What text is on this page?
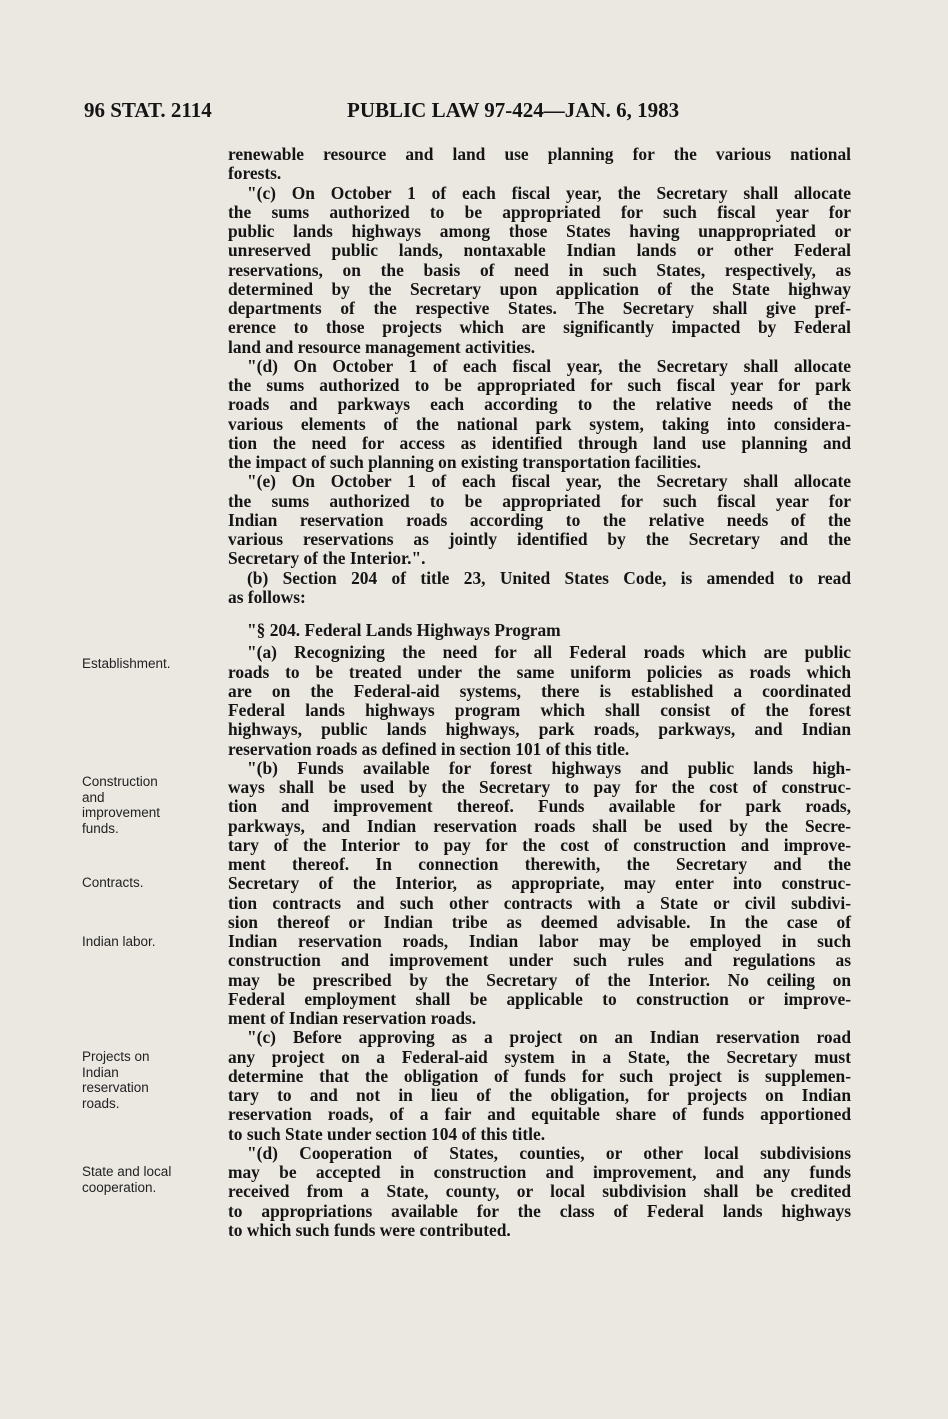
96 STAT. 2114	PUBLIC LAW 97-424—JAN. 6, 1983
renewable resource and land use planning for the various national
forests.
"(c) On October 1 of each fiscal year, the Secretary shall allocate
the sums authorized to be appropriated for such fiscal year for
public lands highways among those States having unappropriated or
unreserved public lands, nontaxable Indian lands or other Federal
reservations, on the basis of need in such States, respectively, as
determined by the Secretary upon application of the State highway
departments of the respective States. The Secretary shall give pref-
erence to those projects which are significantly impacted by Federal
land and resource management activities.
"(d) On October 1 of each fiscal year, the Secretary shall allocate
the sums authorized to be appropriated for such fiscal year for park
roads and parkways each according to the relative needs of the
various elements of the national park system, taking into considera-
tion the need for access as identified through land use planning and
the impact of such planning on existing transportation facilities.
"(e) On October 1 of each fiscal year, the Secretary shall allocate
the sums authorized to be appropriated for such fiscal year for
Indian reservation roads according to the relative needs of the
various reservations as jointly identified by the Secretary and the
Secretary of the Interior.".
(b) Section 204 of title 23, United States Code, is amended to read
as follows:
"§ 204. Federal Lands Highways Program
"(a) Recognizing the need for all Federal roads which are public
roads to be treated under the same uniform policies as roads which
are on the Federal-aid systems, there is established a coordinated
Federal lands highways program which shall consist of the forest
highways, public lands highways, park roads, parkways, and Indian
reservation roads as defined in section 101 of this title.
"(b) Funds available for forest highways and public lands high-
ways shall be used by the Secretary to pay for the cost of construc-
tion and improvement thereof. Funds available for park roads,
parkways, and Indian reservation roads shall be used by the Secre-
tary of the Interior to pay for the cost of construction and improve-
ment thereof. In connection therewith, the Secretary and the
Secretary of the Interior, as appropriate, may enter into construc-
tion contracts and such other contracts with a State or civil subdivi-
sion thereof or Indian tribe as deemed advisable. In the case of
Indian reservation roads, Indian labor may be employed in such
construction and improvement under such rules and regulations as
may be prescribed by the Secretary of the Interior. No ceiling on
Federal employment shall be applicable to construction or improve-
ment of Indian reservation roads.
"(c) Before approving as a project on an Indian reservation road
any project on a Federal-aid system in a State, the Secretary must
determine that the obligation of funds for such project is supplemen-
tary to and not in lieu of the obligation, for projects on Indian
reservation roads, of a fair and equitable share of funds apportioned
to such State under section 104 of this title.
"(d) Cooperation of States, counties, or other local subdivisions
may be accepted in construction and improvement, and any funds
received from a State, county, or local subdivision shall be credited
to appropriations available for the class of Federal lands highways
to which such funds were contributed.
Establishment.
Construction
and
improvement
funds.
Contracts.
Indian labor.
Projects on
Indian
reservation
roads.
State and local
cooperation.
